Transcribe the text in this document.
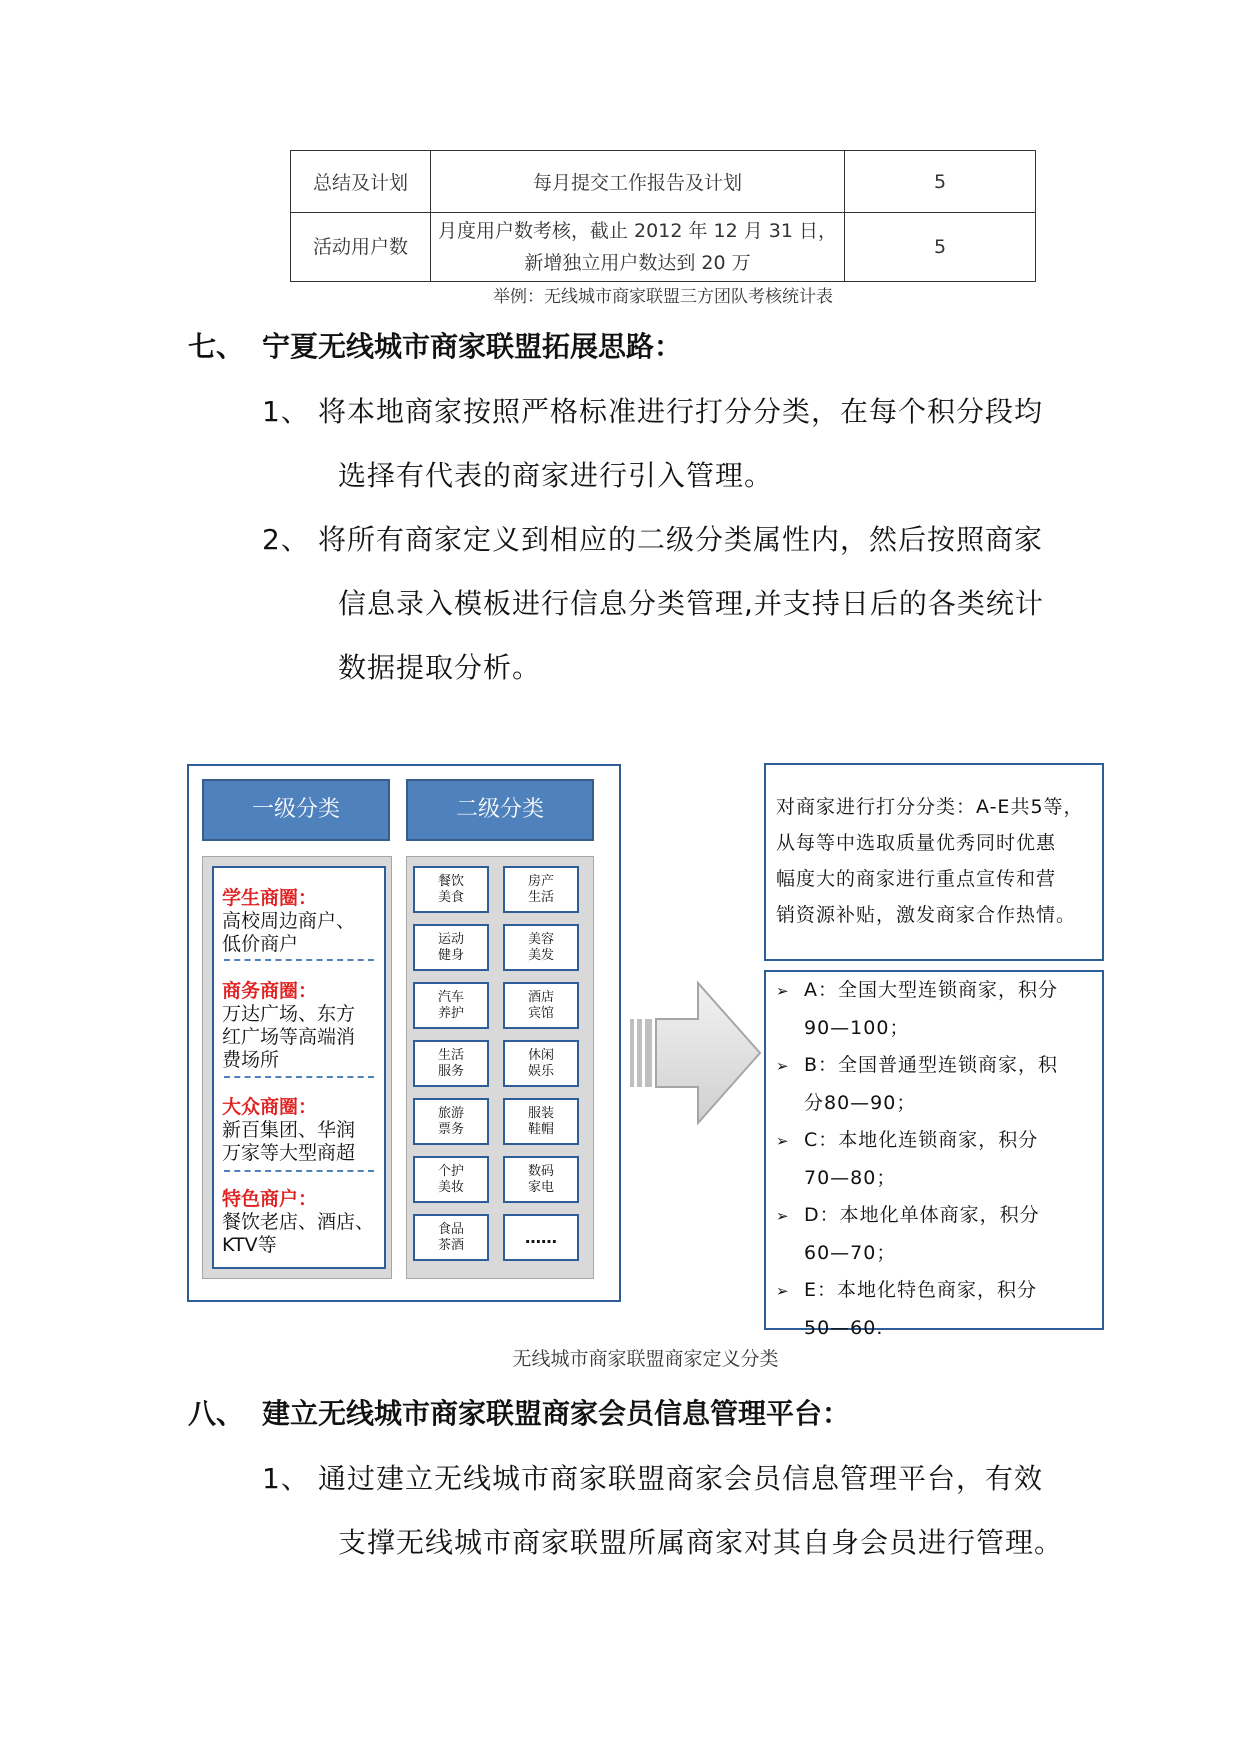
总结及计划	每月提交工作报告及计划	5
活动用户数	月度用户数考核，截止 2012 年 12 月 31 日，
新增独立用户数达到 20 万	5
举例：无线城市商家联盟三方团队考核统计表
七、 宁夏无线城市商家联盟拓展思路：
1、 将本地商家按照严格标准进行打分分类，在每个积分段均
选择有代表的商家进行引入管理。
2、 将所有商家定义到相应的二级分类属性内，然后按照商家
信息录入模板进行信息分类管理,并支持日后的各类统计
数据提取分析。
一级分类	二级分类
学生商圈：
高校周边商户、
低价商户
商务商圈：
万达广场、东方
红广场等高端消
费场所
大众商圈：
新百集团、华润
万家等大型商超
特色商户：
餐饮老店、酒店、
KTV等
餐饮
美食
房产
生活
运动
健身
美容
美发
汽车
养护
酒店
宾馆
生活
服务
休闲
娱乐
旅游
票务
服装
鞋帽
个护
美妆
数码
家电
食品
茶酒	……
对商家进行打分分类：A-E共5等，
从每等中选取质量优秀同时优惠
幅度大的商家进行重点宣传和营
销资源补贴，激发商家合作热情。
➢ A：全国大型连锁商家，积分
90—100；
➢ B：全国普通型连锁商家，积
分80—90；
➢ C：本地化连锁商家，积分
70—80；
➢ D：本地化单体商家，积分
60—70；
➢ E：本地化特色商家，积分
50—60.
无线城市商家联盟商家定义分类
八、 建立无线城市商家联盟商家会员信息管理平台：
1、 通过建立无线城市商家联盟商家会员信息管理平台，有效
支撑无线城市商家联盟所属商家对其自身会员进行管理。
